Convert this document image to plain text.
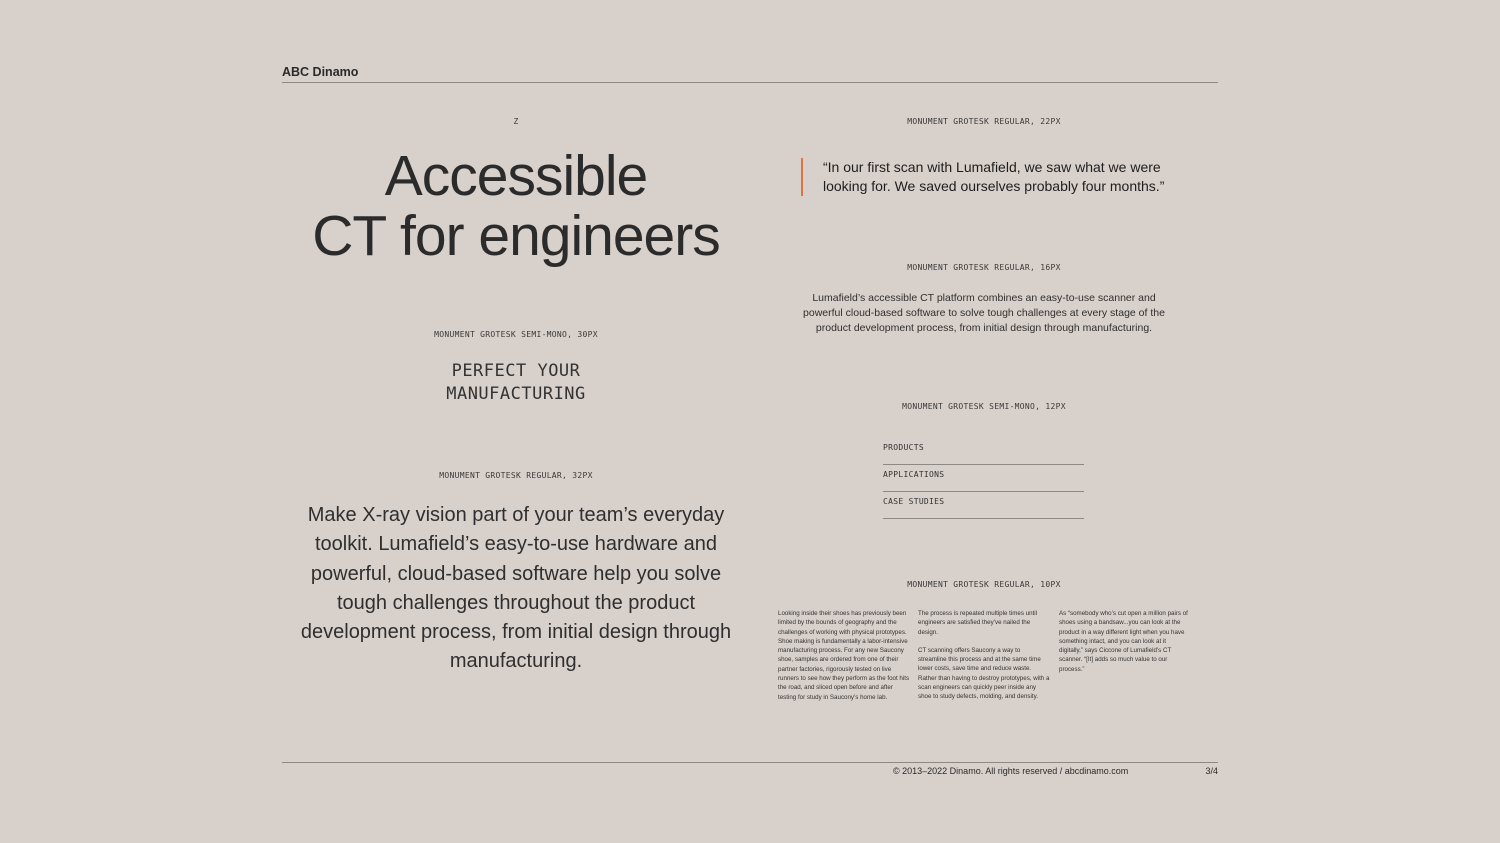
ABC Dinamo
Z
Accessible
CT for engineers
MONUMENT GROTESK SEMI-MONO, 30PX
PERFECT YOUR
MANUFACTURING
MONUMENT GROTESK REGULAR, 32PX
Make X-ray vision part of your team’s everyday toolkit. Lumafield’s easy-to-use hardware and powerful, cloud-based software help you solve tough challenges throughout the product development process, from initial design through manufacturing.
MONUMENT GROTESK REGULAR, 22PX
“In our first scan with Lumafield, we saw what we were looking for. We saved ourselves probably four months.”
MONUMENT GROTESK REGULAR, 16PX
Lumafield’s accessible CT platform combines an easy-to-use scanner and powerful cloud-based software to solve tough challenges at every stage of the product development process, from initial design through manufacturing.
MONUMENT GROTESK SEMI-MONO, 12PX
PRODUCTS
APPLICATIONS
CASE STUDIES
MONUMENT GROTESK REGULAR, 10PX

Looking inside their shoes has previously been limited by the bounds of geography and the challenges of working with physical prototypes. Shoe making is fundamentally a labor-intensive manufacturing process. For any new Saucony shoe, samples are ordered from one of their partner factories, rigorously tested on live runners to see how they perform as the foot hits the road, and sliced open before and after testing for study in Saucony’s home lab.

The process is repeated multiple times until engineers are satisfied they’ve nailed the design.

CT scanning offers Saucony a way to streamline this process and at the same time lower costs, save time and reduce waste. Rather than having to destroy prototypes, with a scan engineers can quickly peer inside any shoe to study defects, molding, and density.

As “somebody who’s cut open a million pairs of shoes using a bandsaw...you can look at the product in a way different light when you have something intact, and you can look at it digitally,” says Ciccone of Lumafield’s CT scanner. “[It] adds so much value to our process.”

© 2013–2022 Dinamo. All rights reserved / abcdinamo.com	3/4
